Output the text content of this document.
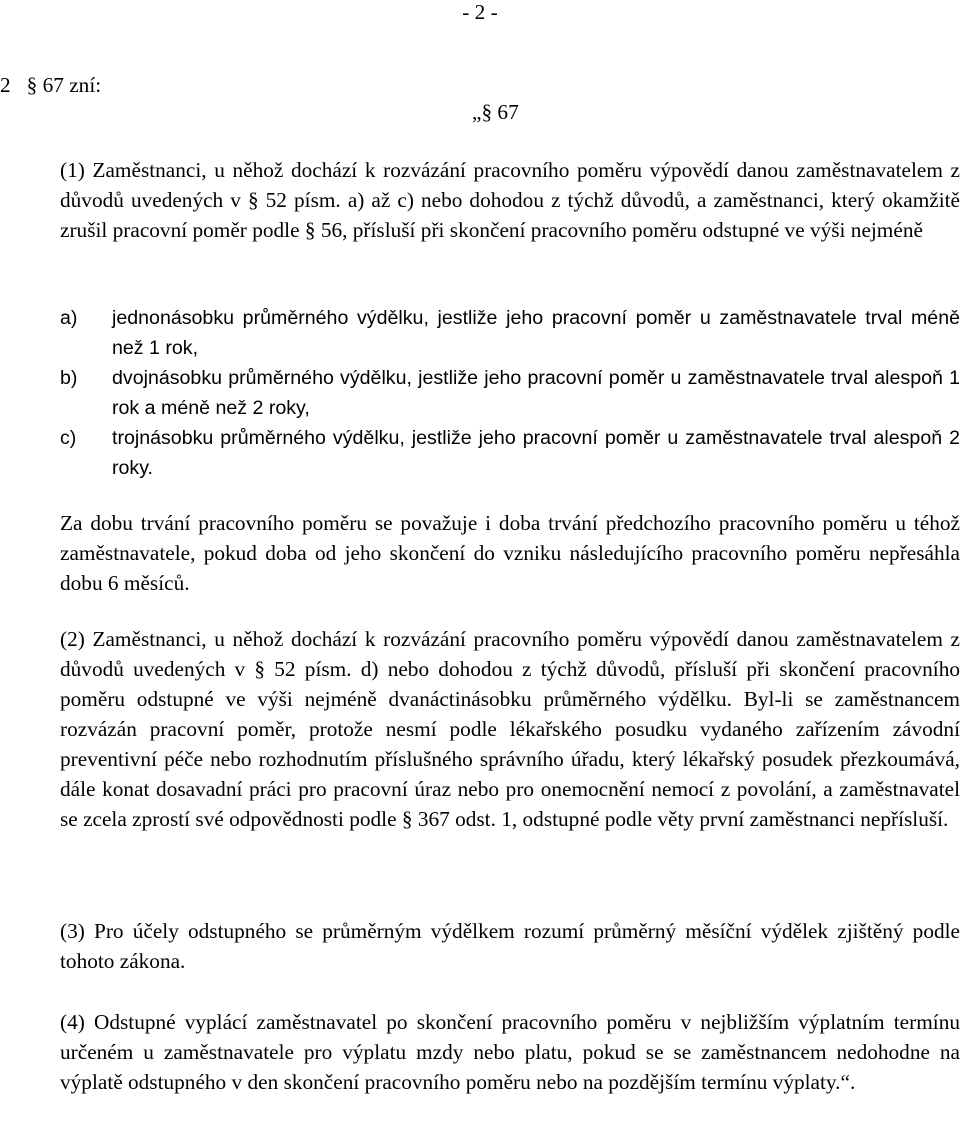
- 2 -
2   § 67 zní:
„§ 67
(1) Zaměstnanci, u něhož dochází k rozvázání pracovního poměru výpovědí danou zaměstnavatelem z důvodů uvedených v § 52 písm. a) až c) nebo dohodou z týchž důvodů, a zaměstnanci, který okamžitě zrušil pracovní poměr podle § 56, přísluší při skončení pracovního poměru odstupné ve výši nejméně
a)	jednonásobku průměrného výdělku, jestliže jeho pracovní poměr u zaměstnavatele trval méně než 1 rok,
b)	dvojnásobku průměrného výdělku, jestliže jeho pracovní poměr u zaměstnavatele trval alespoň 1 rok a méně než 2 roky,
c)	trojnásobku průměrného výdělku, jestliže jeho pracovní poměr u zaměstnavatele trval alespoň 2 roky.
Za dobu trvání pracovního poměru se považuje i doba trvání předchozího pracovního poměru u téhož zaměstnavatele, pokud doba od jeho skončení do vzniku následujícího pracovního poměru nepřesáhla dobu 6 měsíců.
(2) Zaměstnanci, u něhož dochází k rozvázání pracovního poměru výpovědí danou zaměstnavatelem z důvodů uvedených v § 52 písm. d) nebo dohodou z týchž důvodů, přísluší při skončení pracovního poměru odstupné ve výši nejméně dvanáctinásobku průměrného výdělku. Byl-li se zaměstnancem rozvázán pracovní poměr, protože nesmí podle lékařského posudku vydaného zařízením závodní preventivní péče nebo rozhodnutím příslušného správního úřadu, který lékařský posudek přezkoumává, dále konat dosavadní práci pro pracovní úraz nebo pro onemocnění nemocí z povolání, a zaměstnavatel se zcela zprostí své odpovědnosti podle § 367 odst. 1, odstupné podle věty první zaměstnanci nepřísluší.
(3) Pro účely odstupného se průměrným výdělkem rozumí průměrný měsíční výdělek zjištěný podle tohoto zákona.
(4) Odstupné vyplácí zaměstnavatel po skončení pracovního poměru v nejbližším výplatním termínu určeném u zaměstnavatele pro výplatu mzdy nebo platu, pokud se se zaměstnancem nedohodne na výplatě odstupného v den skončení pracovního poměru nebo na pozdějším termínu výplaty.“.
